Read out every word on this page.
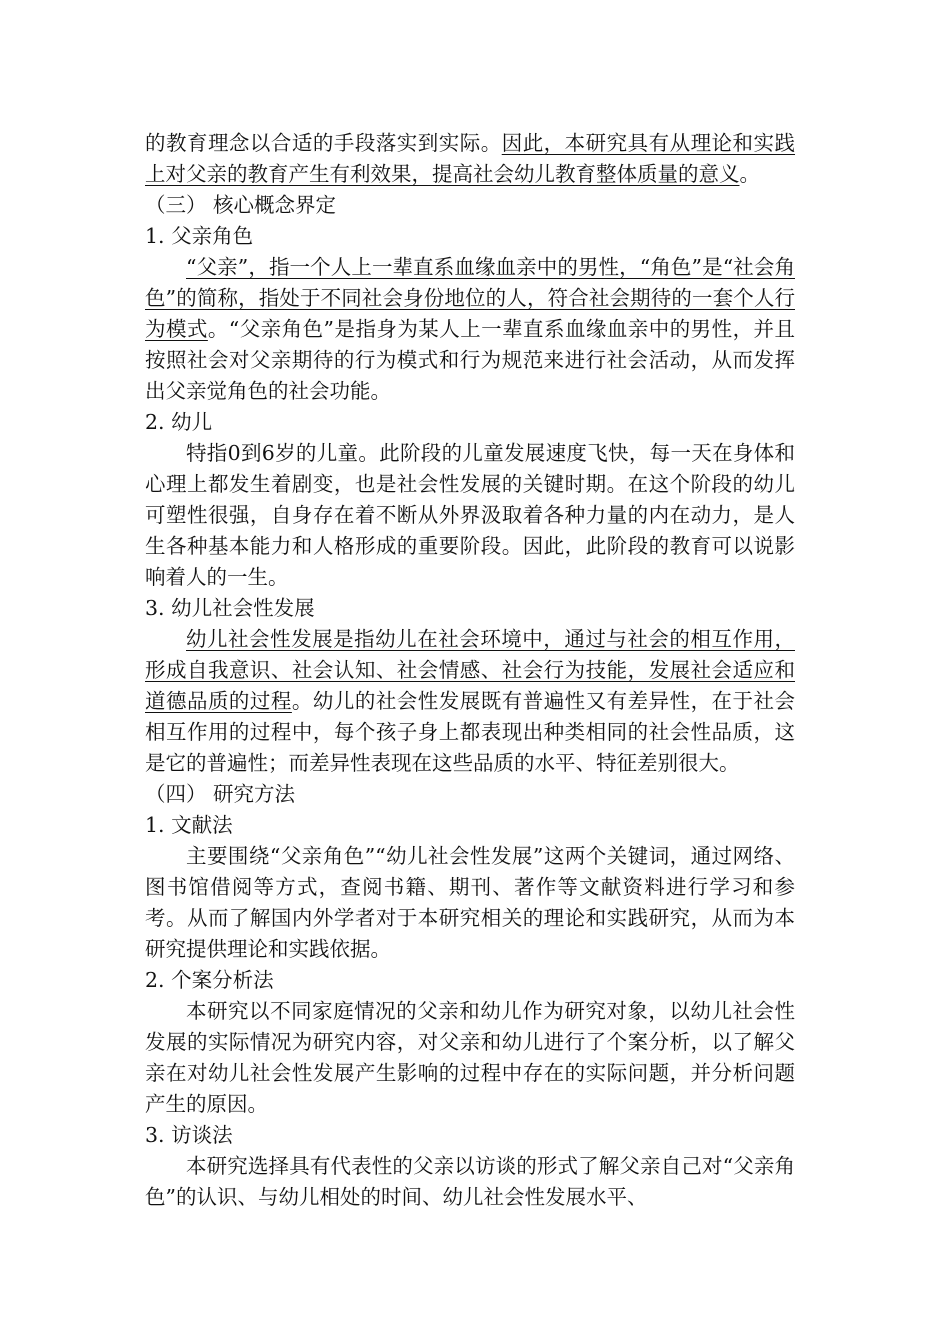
的教育理念以合适的手段落实到实际。因此，本研究具有从理论和实践上对父亲的教育产生有利效果，提高社会幼儿教育整体质量的意义。

（三） 核心概念界定

1. 父亲角色

“父亲”，指一个人上一辈直系血缘血亲中的男性，“角色”是“社会角色”的简称，指处于不同社会身份地位的人，符合社会期待的一套个人行为模式。“父亲角色”是指身为某人上一辈直系血缘血亲中的男性，并且按照社会对父亲期待的行为模式和行为规范来进行社会活动，从而发挥出父亲觉角色的社会功能。

2. 幼儿

特指0到6岁的儿童。此阶段的儿童发展速度飞快，每一天在身体和心理上都发生着剧变，也是社会性发展的关键时期。在这个阶段的幼儿可塑性很强，自身存在着不断从外界汲取着各种力量的内在动力，是人生各种基本能力和人格形成的重要阶段。因此，此阶段的教育可以说影响着人的一生。

3. 幼儿社会性发展

幼儿社会性发展是指幼儿在社会环境中，通过与社会的相互作用，形成自我意识、社会认知、社会情感、社会行为技能，发展社会适应和道德品质的过程。幼儿的社会性发展既有普遍性又有差异性，在于社会相互作用的过程中，每个孩子身上都表现出种类相同的社会性品质，这是它的普遍性；而差异性表现在这些品质的水平、特征差别很大。

（四） 研究方法

1. 文献法

主要围绕“父亲角色”“幼儿社会性发展”这两个关键词，通过网络、图书馆借阅等方式，查阅书籍、期刊、著作等文献资料进行学习和参考。从而了解国内外学者对于本研究相关的理论和实践研究，从而为本研究提供理论和实践依据。

2. 个案分析法

本研究以不同家庭情况的父亲和幼儿作为研究对象，以幼儿社会性发展的实际情况为研究内容，对父亲和幼儿进行了个案分析，以了解父亲在对幼儿社会性发展产生影响的过程中存在的实际问题，并分析问题产生的原因。

3. 访谈法

本研究选择具有代表性的父亲以访谈的形式了解父亲自己对“父亲角色”的认识、与幼儿相处的时间、幼儿社会性发展水平、
